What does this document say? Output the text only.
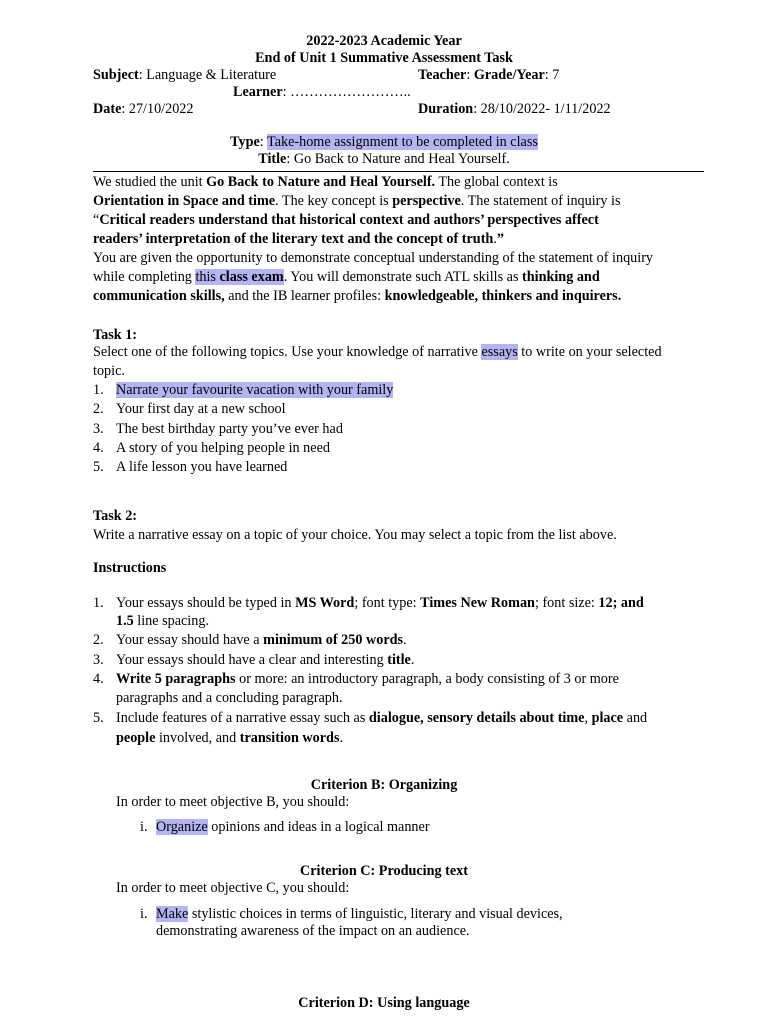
2022-2023 Academic Year
End of Unit 1 Summative Assessment Task
Subject: Language & Literature	Teacher: Grade/Year: 7
Learner: ……………………..
Date: 27/10/2022	Duration: 28/10/2022- 1/11/2022
Type: Take-home assignment to be completed in class
Title: Go Back to Nature and Heal Yourself.
We studied the unit Go Back to Nature and Heal Yourself. The global context is
Orientation in Space and time. The key concept is perspective. The statement of inquiry is
“Critical readers understand that historical context and authors’ perspectives affect
readers’ interpretation of the literary text and the concept of truth.”
You are given the opportunity to demonstrate conceptual understanding of the statement of inquiry
while completing this class exam. You will demonstrate such ATL skills as thinking and
communication skills, and the IB learner profiles: knowledgeable, thinkers and inquirers.
Task 1:
Select one of the following topics. Use your knowledge of narrative essays to write on your selected
topic.
1. Narrate your favourite vacation with your family
2. Your first day at a new school
3. The best birthday party you’ve ever had
4. A story of you helping people in need
5. A life lesson you have learned
Task 2:
Write a narrative essay on a topic of your choice. You may select a topic from the list above.
Instructions
1. Your essays should be typed in MS Word; font type: Times New Roman; font size: 12; and
1.5 line spacing.
2. Your essay should have a minimum of 250 words.
3. Your essays should have a clear and interesting title.
4. Write 5 paragraphs or more: an introductory paragraph, a body consisting of 3 or more
paragraphs and a concluding paragraph.
5. Include features of a narrative essay such as dialogue, sensory details about time, place and
people involved, and transition words.
Criterion B: Organizing
In order to meet objective B, you should:
i. Organize opinions and ideas in a logical manner
Criterion C: Producing text
In order to meet objective C, you should:
i. Make stylistic choices in terms of linguistic, literary and visual devices,
demonstrating awareness of the impact on an audience.
Criterion D: Using language
